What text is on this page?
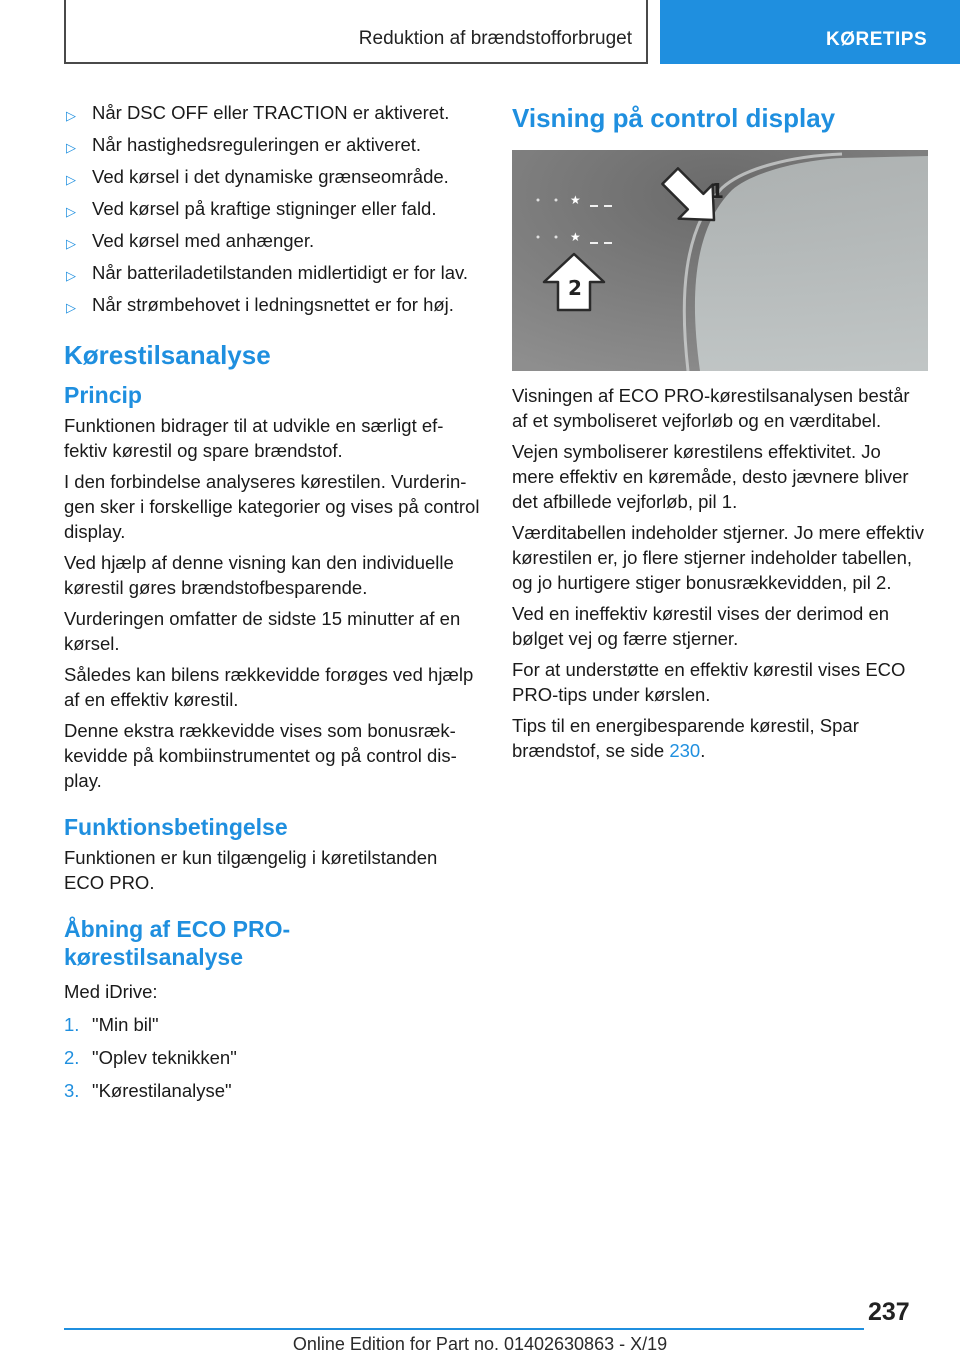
Reduktion af brændstofforbruget	KØRETIPS
▷ Når DSC OFF eller TRACTION er aktiveret.
▷ Når hastighedsreguleringen er aktiveret.
▷ Ved kørsel i det dynamiske grænseområde.
▷ Ved kørsel på kraftige stigninger eller fald.
▷ Ved kørsel med anhænger.
▷ Når batteriladetilstanden midlertidigt er for lav.
▷ Når strømbehovet i ledningsnettet er for høj.
Kørestilsanalyse
Princip

Funktionen bidrager til at udvikle en særligt effektiv kørestil og spare brændstof.

I den forbindelse analyseres kørestilen. Vurderingen sker i forskellige kategorier og vises på control display.

Ved hjælp af denne visning kan den individuelle kørestil gøres brændstofbesparende.

Vurderingen omfatter de sidste 15 minutter af en kørsel.

Således kan bilens rækkevidde forøges ved hjælp af en effektiv kørestil.

Denne ekstra rækkevidde vises som bonusrækkevidde på kombiinstrumentet og på control display.

Funktionsbetingelse

Funktionen er kun tilgængelig i køretilstanden ECO PRO.

Åbning af ECO PRO-kørestilsanalyse

Med iDrive:

1. "Min bil"
2. "Oplev teknikken"
3. "Kørestilanalyse"
Visning på control display
★
★
1
2

Visningen af ECO PRO-kørestilsanalysen består af et symboliseret vejforløb og en værditabel.

Vejen symboliserer kørestilens effektivitet. Jo mere effektiv en køremåde, desto jævnere bliver det afbillede vejforløb, pil 1.

Værditabellen indeholder stjerner. Jo mere effektiv kørestilen er, jo flere stjerner indeholder tabellen, og jo hurtigere stiger bonusrækkevidden, pil 2.

Ved en ineffektiv kørestil vises der derimod en bølget vej og færre stjerner.

For at understøtte en effektiv kørestil vises ECO PRO-tips under kørslen.

Tips til en energibesparende kørestil, Spar brændstof, se side 230.

237
Online Edition for Part no. 01402630863 - X/19
